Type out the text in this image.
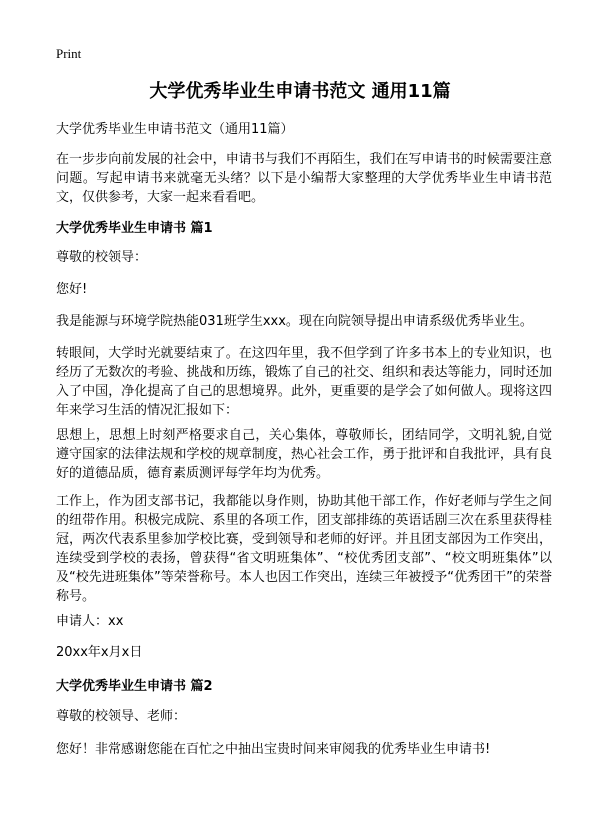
Print
大学优秀毕业生申请书范文 通用11篇

大学优秀毕业生申请书范文（通用11篇）

在一步步向前发展的社会中，申请书与我们不再陌生，我们在写申请书的时候需要注意问题。写起申请书来就毫无头绪？以下是小编帮大家整理的大学优秀毕业生申请书范文，仅供参考，大家一起来看看吧。

大学优秀毕业生申请书 篇1

尊敬的校领导：

您好!

我是能源与环境学院热能031班学生xxx。现在向院领导提出申请系级优秀毕业生。

转眼间，大学时光就要结束了。在这四年里，我不但学到了许多书本上的专业知识，也经历了无数次的考验、挑战和历练，锻炼了自己的社交、组织和表达等能力，同时还加入了中国，净化提高了自己的思想境界。此外，更重要的是学会了如何做人。现将这四年来学习生活的情况汇报如下：

思想上，思想上时刻严格要求自己，关心集体，尊敬师长，团结同学，文明礼貌,自觉遵守国家的法律法规和学校的规章制度，热心社会工作，勇于批评和自我批评，具有良好的道德品质，德育素质测评每学年均为优秀。

工作上，作为团支部书记，我都能以身作则，协助其他干部工作，作好老师与学生之间的纽带作用。积极完成院、系里的各项工作，团支部排练的英语话剧三次在系里获得桂冠，两次代表系里参加学校比赛，受到领导和老师的好评。并且团支部因为工作突出，连续受到学校的表扬，曾获得“省文明班集体”、“校优秀团支部”、“校文明班集体”以及“校先进班集体”等荣誉称号。本人也因工作突出，连续三年被授予“优秀团干”的荣誉称号。

申请人：xx

20xx年x月x日

大学优秀毕业生申请书 篇2

尊敬的校领导、老师：

您好！非常感谢您能在百忙之中抽出宝贵时间来审阅我的优秀毕业生申请书!
